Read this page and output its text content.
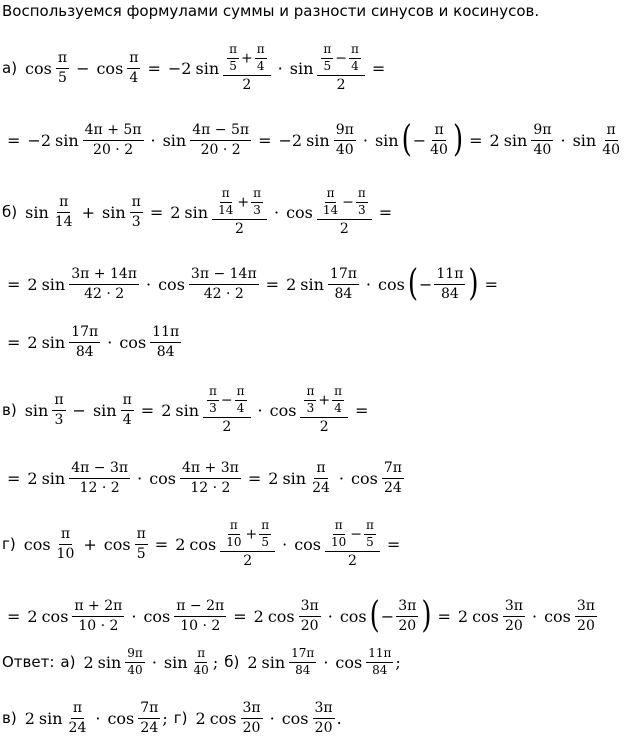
Воспользуемся формулами суммы и разности синусов и косинусов.
а) $\cos \frac{\pi}{5} - \cos \frac{\pi}{4} = -2$ $\sin \frac{\frac{\pi}{5} + \frac{\pi}{4}}{2} \cdot \sin \frac{\frac{\pi}{5} - \frac{\pi}{4}}{2}$ =
= −2 $\sin \frac{4\pi + 5\pi}{20 \cdot 2} \cdot \sin \frac{4\pi - 5\pi}{20 \cdot 2} = -2$ $\sin \frac{9\pi}{40} \cdot \sin$ ( − $\frac{\pi}{40}$ ) = 2 $\sin \frac{9\pi}{40} \cdot \sin \frac{\pi}{40}$
б) $\sin \frac{\pi}{14} + \sin \frac{\pi}{3} = 2$ $\sin \frac{\frac{\pi}{14} + \frac{\pi}{3}}{2} \cdot \cos \frac{\frac{\pi}{14} - \frac{\pi}{3}}{2}$ =
= 2 $\sin \frac{3\pi + 14\pi}{42 \cdot 2} \cdot \cos \frac{3\pi - 14\pi}{42 \cdot 2} = 2$ $\sin \frac{17\pi}{84} \cdot \cos$ ( − $\frac{11\pi}{84}$ ) =
= 2 $\sin \frac{17\pi}{84} \cdot \cos \frac{11\pi}{84}$
в) $\sin \frac{\pi}{3} - \sin \frac{\pi}{4} = 2$ $\sin \frac{\frac{\pi}{3} - \frac{\pi}{4}}{2} \cdot \cos \frac{\frac{\pi}{3} + \frac{\pi}{4}}{2}$ =
= 2 $\sin \frac{4\pi - 3\pi}{12 \cdot 2} \cdot \cos \frac{4\pi + 3\pi}{12 \cdot 2} = 2$ $\sin \frac{\pi}{24} \cdot \cos \frac{7\pi}{24}$
г) $\cos \frac{\pi}{10} + \cos \frac{\pi}{5} = 2$ $\cos \frac{\frac{\pi}{10} + \frac{\pi}{5}}{2} \cdot \cos \frac{\frac{\pi}{10} - \frac{\pi}{5}}{2}$ =
= 2 $\cos \frac{\pi + 2\pi}{10 \cdot 2} \cdot \cos \frac{\pi - 2\pi}{10 \cdot 2} = 2$ $\cos \frac{3\pi}{20} \cdot \cos$ ( − $\frac{3\pi}{20}$ ) = 2 $\cos \frac{3\pi}{20} \cdot \cos \frac{3\pi}{20}$
Ответ: а) 2 $\sin \frac{9\pi}{40} \cdot \sin \frac{\pi}{40}$ ; б) 2 $\sin \frac{17\pi}{84} \cdot \cos \frac{11\pi}{84}$ ;
в) 2 $\sin \frac{\pi}{24} \cdot \cos \frac{7\pi}{24}$ ; г) 2 $\cos \frac{3\pi}{20} \cdot \cos \frac{3\pi}{20}$ .
